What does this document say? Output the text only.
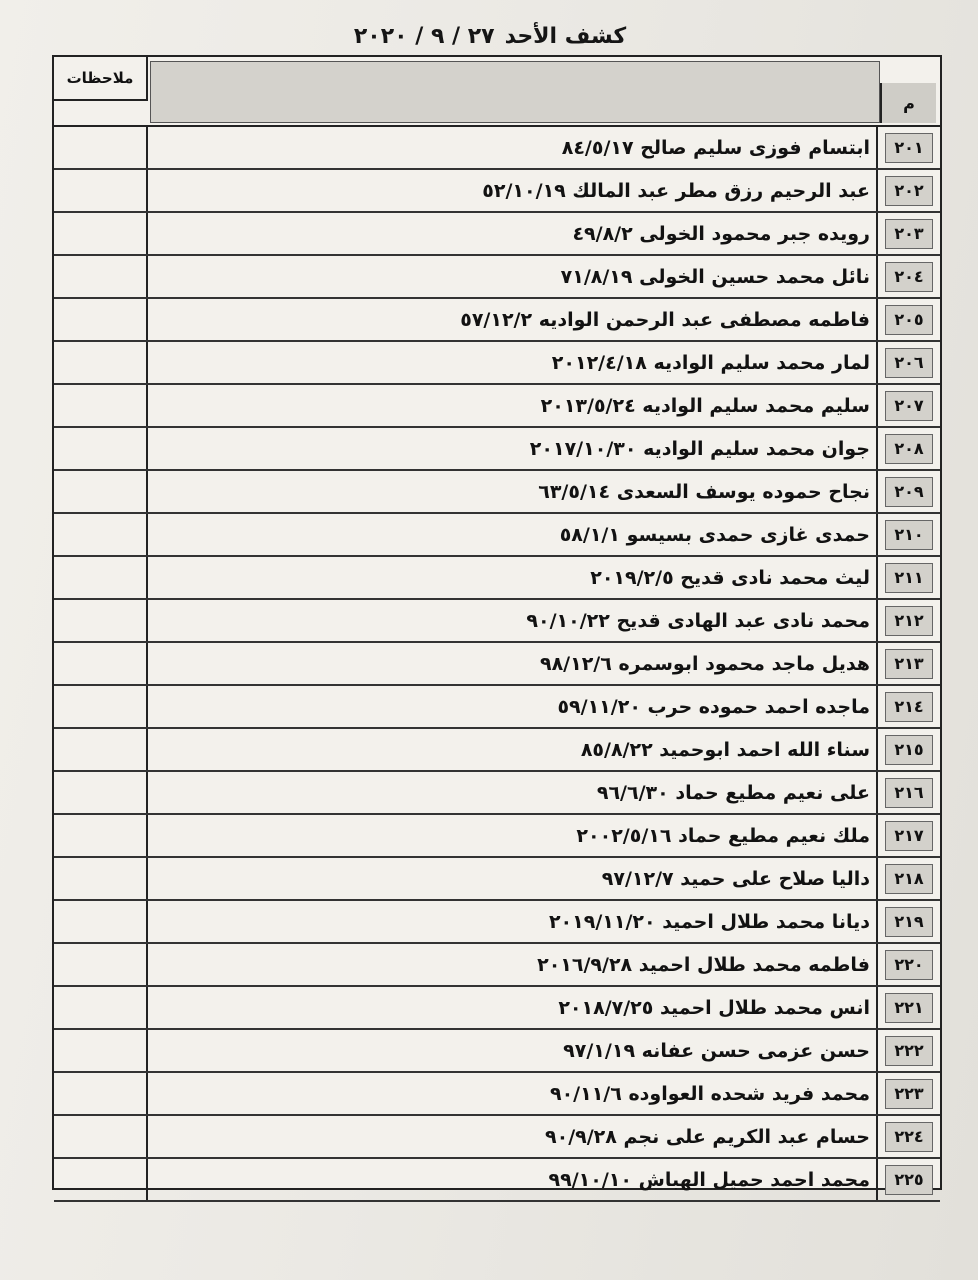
كشف الأحد
٢٧ / ٩ / ٢٠٢٠
ملاحظات
م
ابتسام فوزى سليم صالح ٨٤/٥/١٧	٢٠١
عبد الرحيم رزق مطر عبد المالك ٥٢/١٠/١٩	٢٠٢
رويده جبر محمود الخولى ٤٩/٨/٢	٢٠٣
نائل محمد حسين الخولى ٧١/٨/١٩	٢٠٤
فاطمه مصطفى عبد الرحمن الواديه ٥٧/١٢/٢	٢٠٥
لمار محمد سليم الواديه ٢٠١٢/٤/١٨	٢٠٦
سليم محمد سليم الواديه ٢٠١٣/٥/٢٤	٢٠٧
جوان محمد سليم الواديه ٢٠١٧/١٠/٣٠	٢٠٨
نجاح حموده يوسف السعدى ٦٣/٥/١٤	٢٠٩
حمدى غازى حمدى بسيسو ٥٨/١/١	٢١٠
ليث محمد نادى قديح ٢٠١٩/٢/٥	٢١١
محمد نادى عبد الهادى قديح ٩٠/١٠/٢٢	٢١٢
هديل ماجد محمود ابوسمره ٩٨/١٢/٦	٢١٣
ماجده احمد حموده حرب ٥٩/١١/٢٠	٢١٤
سناء الله احمد ابوحميد ٨٥/٨/٢٢	٢١٥
على نعيم مطيع حماد ٩٦/٦/٣٠	٢١٦
ملك نعيم مطيع حماد ٢٠٠٢/٥/١٦	٢١٧
داليا صلاح على حميد ٩٧/١٢/٧	٢١٨
ديانا محمد طلال احميد ٢٠١٩/١١/٢٠	٢١٩
فاطمه محمد طلال احميد ٢٠١٦/٩/٢٨	٢٢٠
انس محمد طلال احميد ٢٠١٨/٧/٢٥	٢٢١
حسن عزمى حسن عفانه ٩٧/١/١٩	٢٢٢
محمد فريد شحده العواوده ٩٠/١١/٦	٢٢٣
حسام عبد الكريم على نجم ٩٠/٩/٢٨	٢٢٤
محمد احمد جميل الهباش ٩٩/١٠/١٠	٢٢٥
